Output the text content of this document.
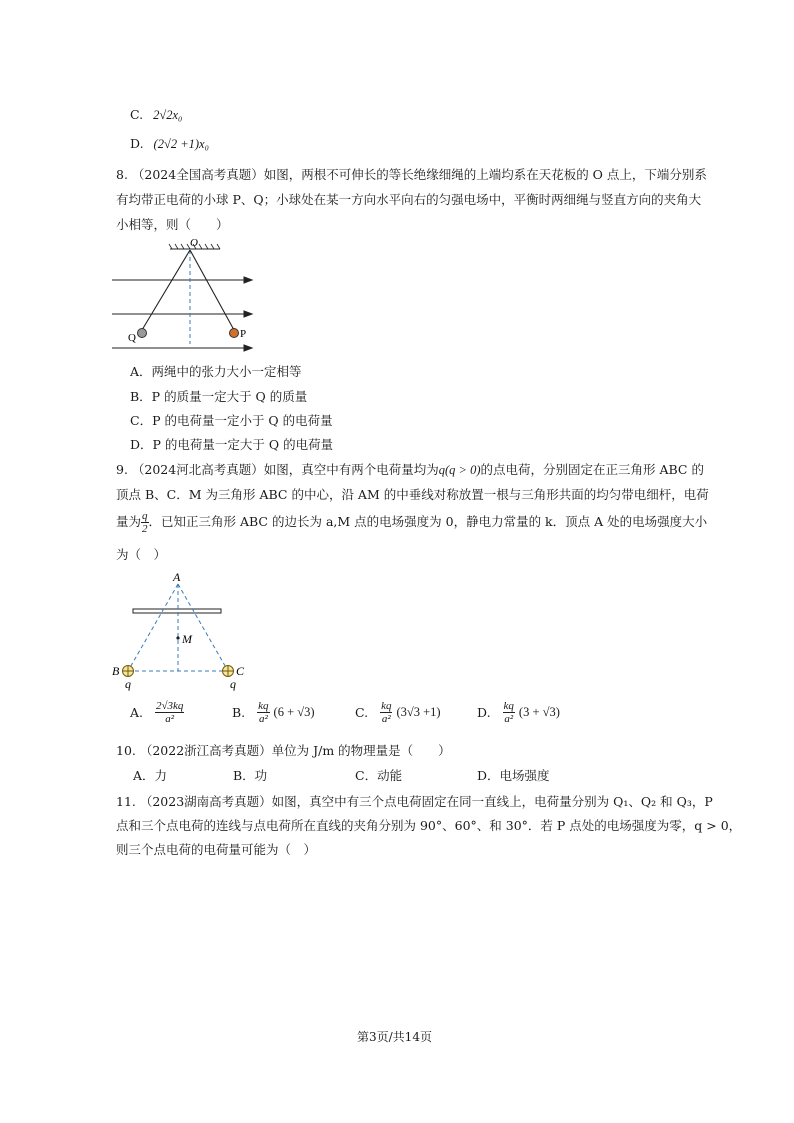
C. 2√2x₀
D. (2√2 +1)x₀
8. （2024全国高考真题）如图，两根不可伸长的等长绝缘细绳的上端均系在天花板的 O 点上，下端分别系
有均带正电荷的小球 P、Q；小球处在某一方向水平向右的匀强电场中，平衡时两细绳与竖直方向的夹角大
小相等，则（　　）
O
Q	P
A．两绳中的张力大小一定相等
B．P 的质量一定大于 Q 的质量
C．P 的电荷量一定小于 Q 的电荷量
D．P 的电荷量一定大于 Q 的电荷量
9. （2024河北高考真题）如图，真空中有两个电荷量均为q(q > 0)的点电荷，分别固定在正三角形 ABC 的
顶点 B、C．M 为三角形 ABC 的中心，沿 AM 的中垂线对称放置一根与三角形共面的均匀带电细杆，电荷
量为 $\frac{q}{2}$ ．已知正三角形 ABC 的边长为 a,M 点的电场强度为 0，静电力常量的 k．顶点 A 处的电场强度大小
为（　）
M
A
B	C
q	q
A. $\frac{2√3kq}{\text{a²}}$	B. $\frac{kq}{\text{a²}} (6 + √3)$	C. $\frac{kq}{\text{a²}} (3√3 +1)$	D. $\frac{kq}{\text{a²}} (3 + √3)$
10. （2022浙江高考真题）单位为 J/m 的物理量是（　　）
A．力	B．功	C．动能	D．电场强度
11. （2023湖南高考真题）如图，真空中有三个点电荷固定在同一直线上，电荷量分别为 Q₁、Q₂ 和 Q₃，P
点和三个点电荷的连线与点电荷所在直线的夹角分别为 90°、60°、和 30°．若 P 点处的电场强度为零，q > 0，
则三个点电荷的电荷量可能为（　）
第3页/共14页
